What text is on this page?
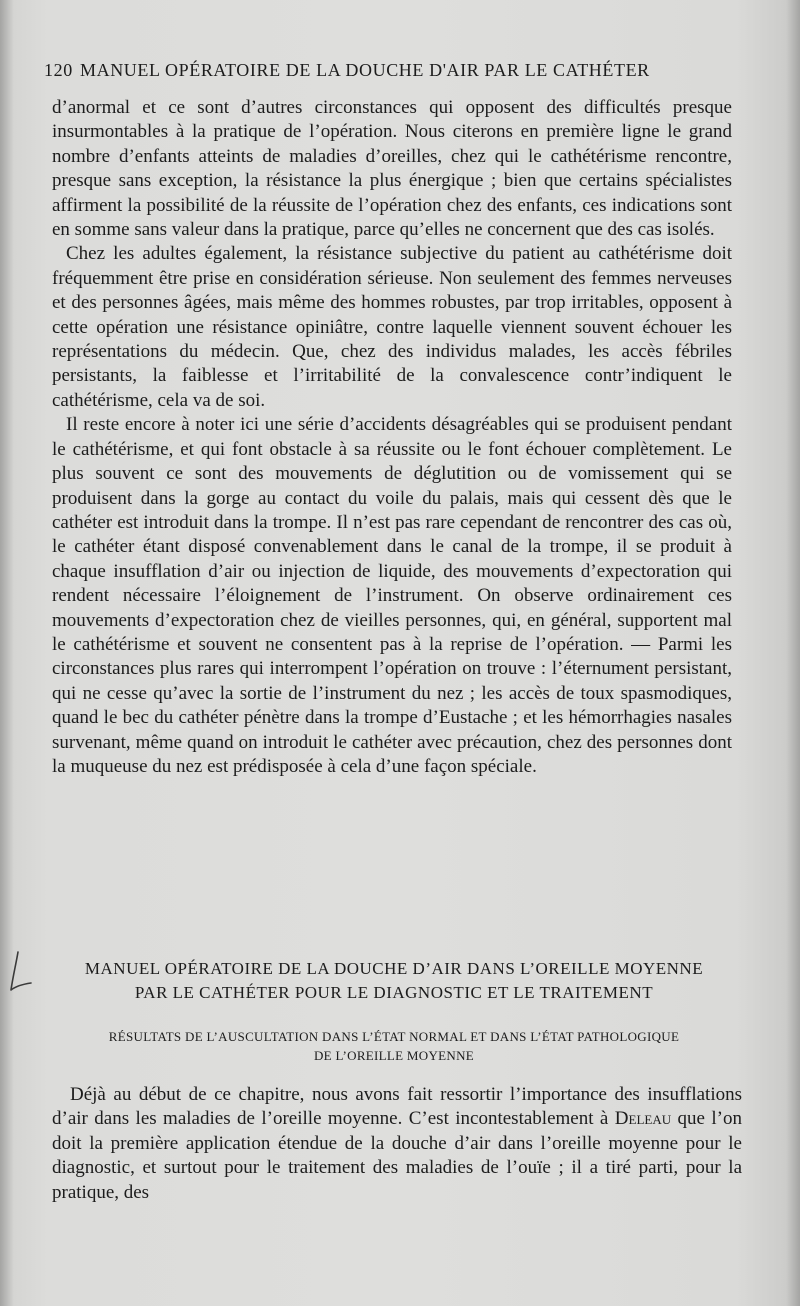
120 MANUEL OPÉRATOIRE DE LA DOUCHE D'AIR PAR LE CATHÉTER

d’anormal et ce sont d’autres circonstances qui opposent des difficultés presque insurmontables à la pratique de l’opération. Nous citerons en première ligne le grand nombre d’enfants atteints de maladies d’oreilles, chez qui le cathétérisme rencontre, presque sans exception, la résistance la plus énergique ; bien que certains spécialistes affirment la possibilité de la réussite de l’opération chez des enfants, ces indications sont en somme sans valeur dans la pratique, parce qu’elles ne concernent que des cas isolés.

Chez les adultes également, la résistance subjective du patient au cathétérisme doit fréquemment être prise en considération sérieuse. Non seulement des femmes nerveuses et des personnes âgées, mais même des hommes robustes, par trop irritables, opposent à cette opération une résistance opiniâtre, contre laquelle viennent souvent échouer les représentations du médecin. Que, chez des individus malades, les accès fébriles persistants, la faiblesse et l’irritabilité de la convalescence contr’indiquent le cathétérisme, cela va de soi.

Il reste encore à noter ici une série d’accidents désagréables qui se produisent pendant le cathétérisme, et qui font obstacle à sa réussite ou le font échouer complètement. Le plus souvent ce sont des mouvements de déglutition ou de vomissement qui se produisent dans la gorge au contact du voile du palais, mais qui cessent dès que le cathéter est introduit dans la trompe. Il n’est pas rare cependant de rencontrer des cas où, le cathéter étant disposé convenablement dans le canal de la trompe, il se produit à chaque insufflation d’air ou injection de liquide, des mouvements d’expectoration qui rendent nécessaire l’éloignement de l’instrument. On observe ordinairement ces mouvements d’expectoration chez de vieilles personnes, qui, en général, supportent mal le cathétérisme et souvent ne consentent pas à la reprise de l’opération. — Parmi les circonstances plus rares qui interrompent l’opération on trouve : l’éternument persistant, qui ne cesse qu’avec la sortie de l’instrument du nez ; les accès de toux spasmodiques, quand le bec du cathéter pénètre dans la trompe d’Eustache ; et les hémorrhagies nasales survenant, même quand on introduit le cathéter avec précaution, chez des personnes dont la muqueuse du nez est prédisposée à cela d’une façon spéciale.

MANUEL OPÉRATOIRE DE LA DOUCHE D’AIR DANS L’OREILLE MOYENNE
PAR LE CATHÉTER POUR LE DIAGNOSTIC ET LE TRAITEMENT
RÉSULTATS DE L’AUSCULTATION DANS L’ÉTAT NORMAL ET DANS L’ÉTAT PATHOLOGIQUE
DE L’OREILLE MOYENNE

Déjà au début de ce chapitre, nous avons fait ressortir l’importance des insufflations d’air dans les maladies de l’oreille moyenne. C’est incontestablement à Deleau que l’on doit la première application étendue de la douche d’air dans l’oreille moyenne pour le diagnostic, et surtout pour le traitement des maladies de l’ouïe ; il a tiré parti, pour la pratique, des
